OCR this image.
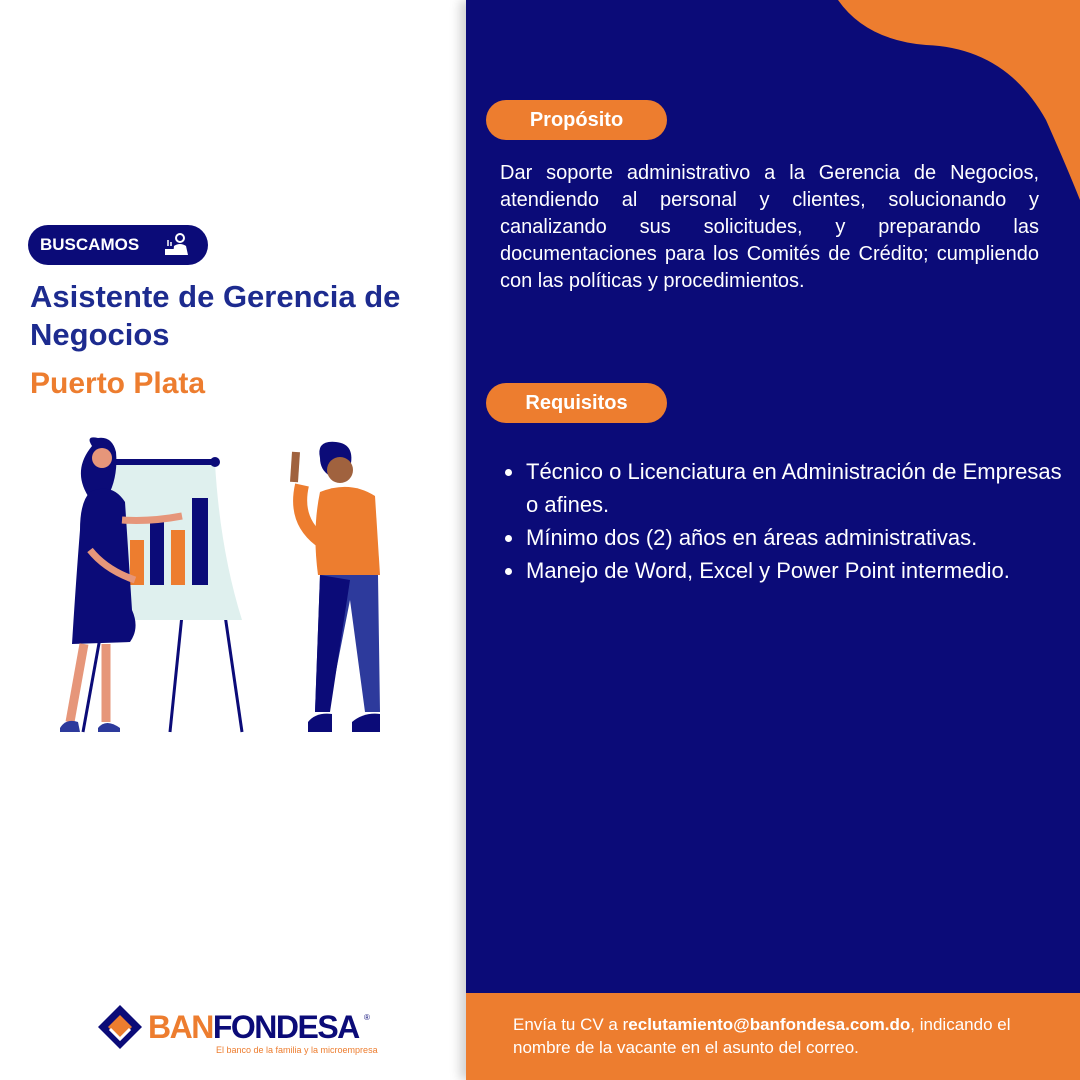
BUSCAMOS
Asistente de Gerencia de Negocios
Puerto Plata
BANFONDESA ®
El banco de la familia y la microempresa
Propósito

Dar soporte administrativo a la Gerencia de Negocios, atendiendo al personal y clientes, solucionando y canalizando sus solicitudes, y preparando las documentaciones para los Comités de Crédito; cumpliendo con las políticas y procedimientos.

Requisitos
Técnico o Licenciatura en Administración de Empresas o afines.
Mínimo dos (2) años en áreas administrativas.
Manejo de Word, Excel y Power Point intermedio.
Envía tu CV a reclutamiento@banfondesa.com.do, indicando el nombre de la vacante en el asunto del correo.
